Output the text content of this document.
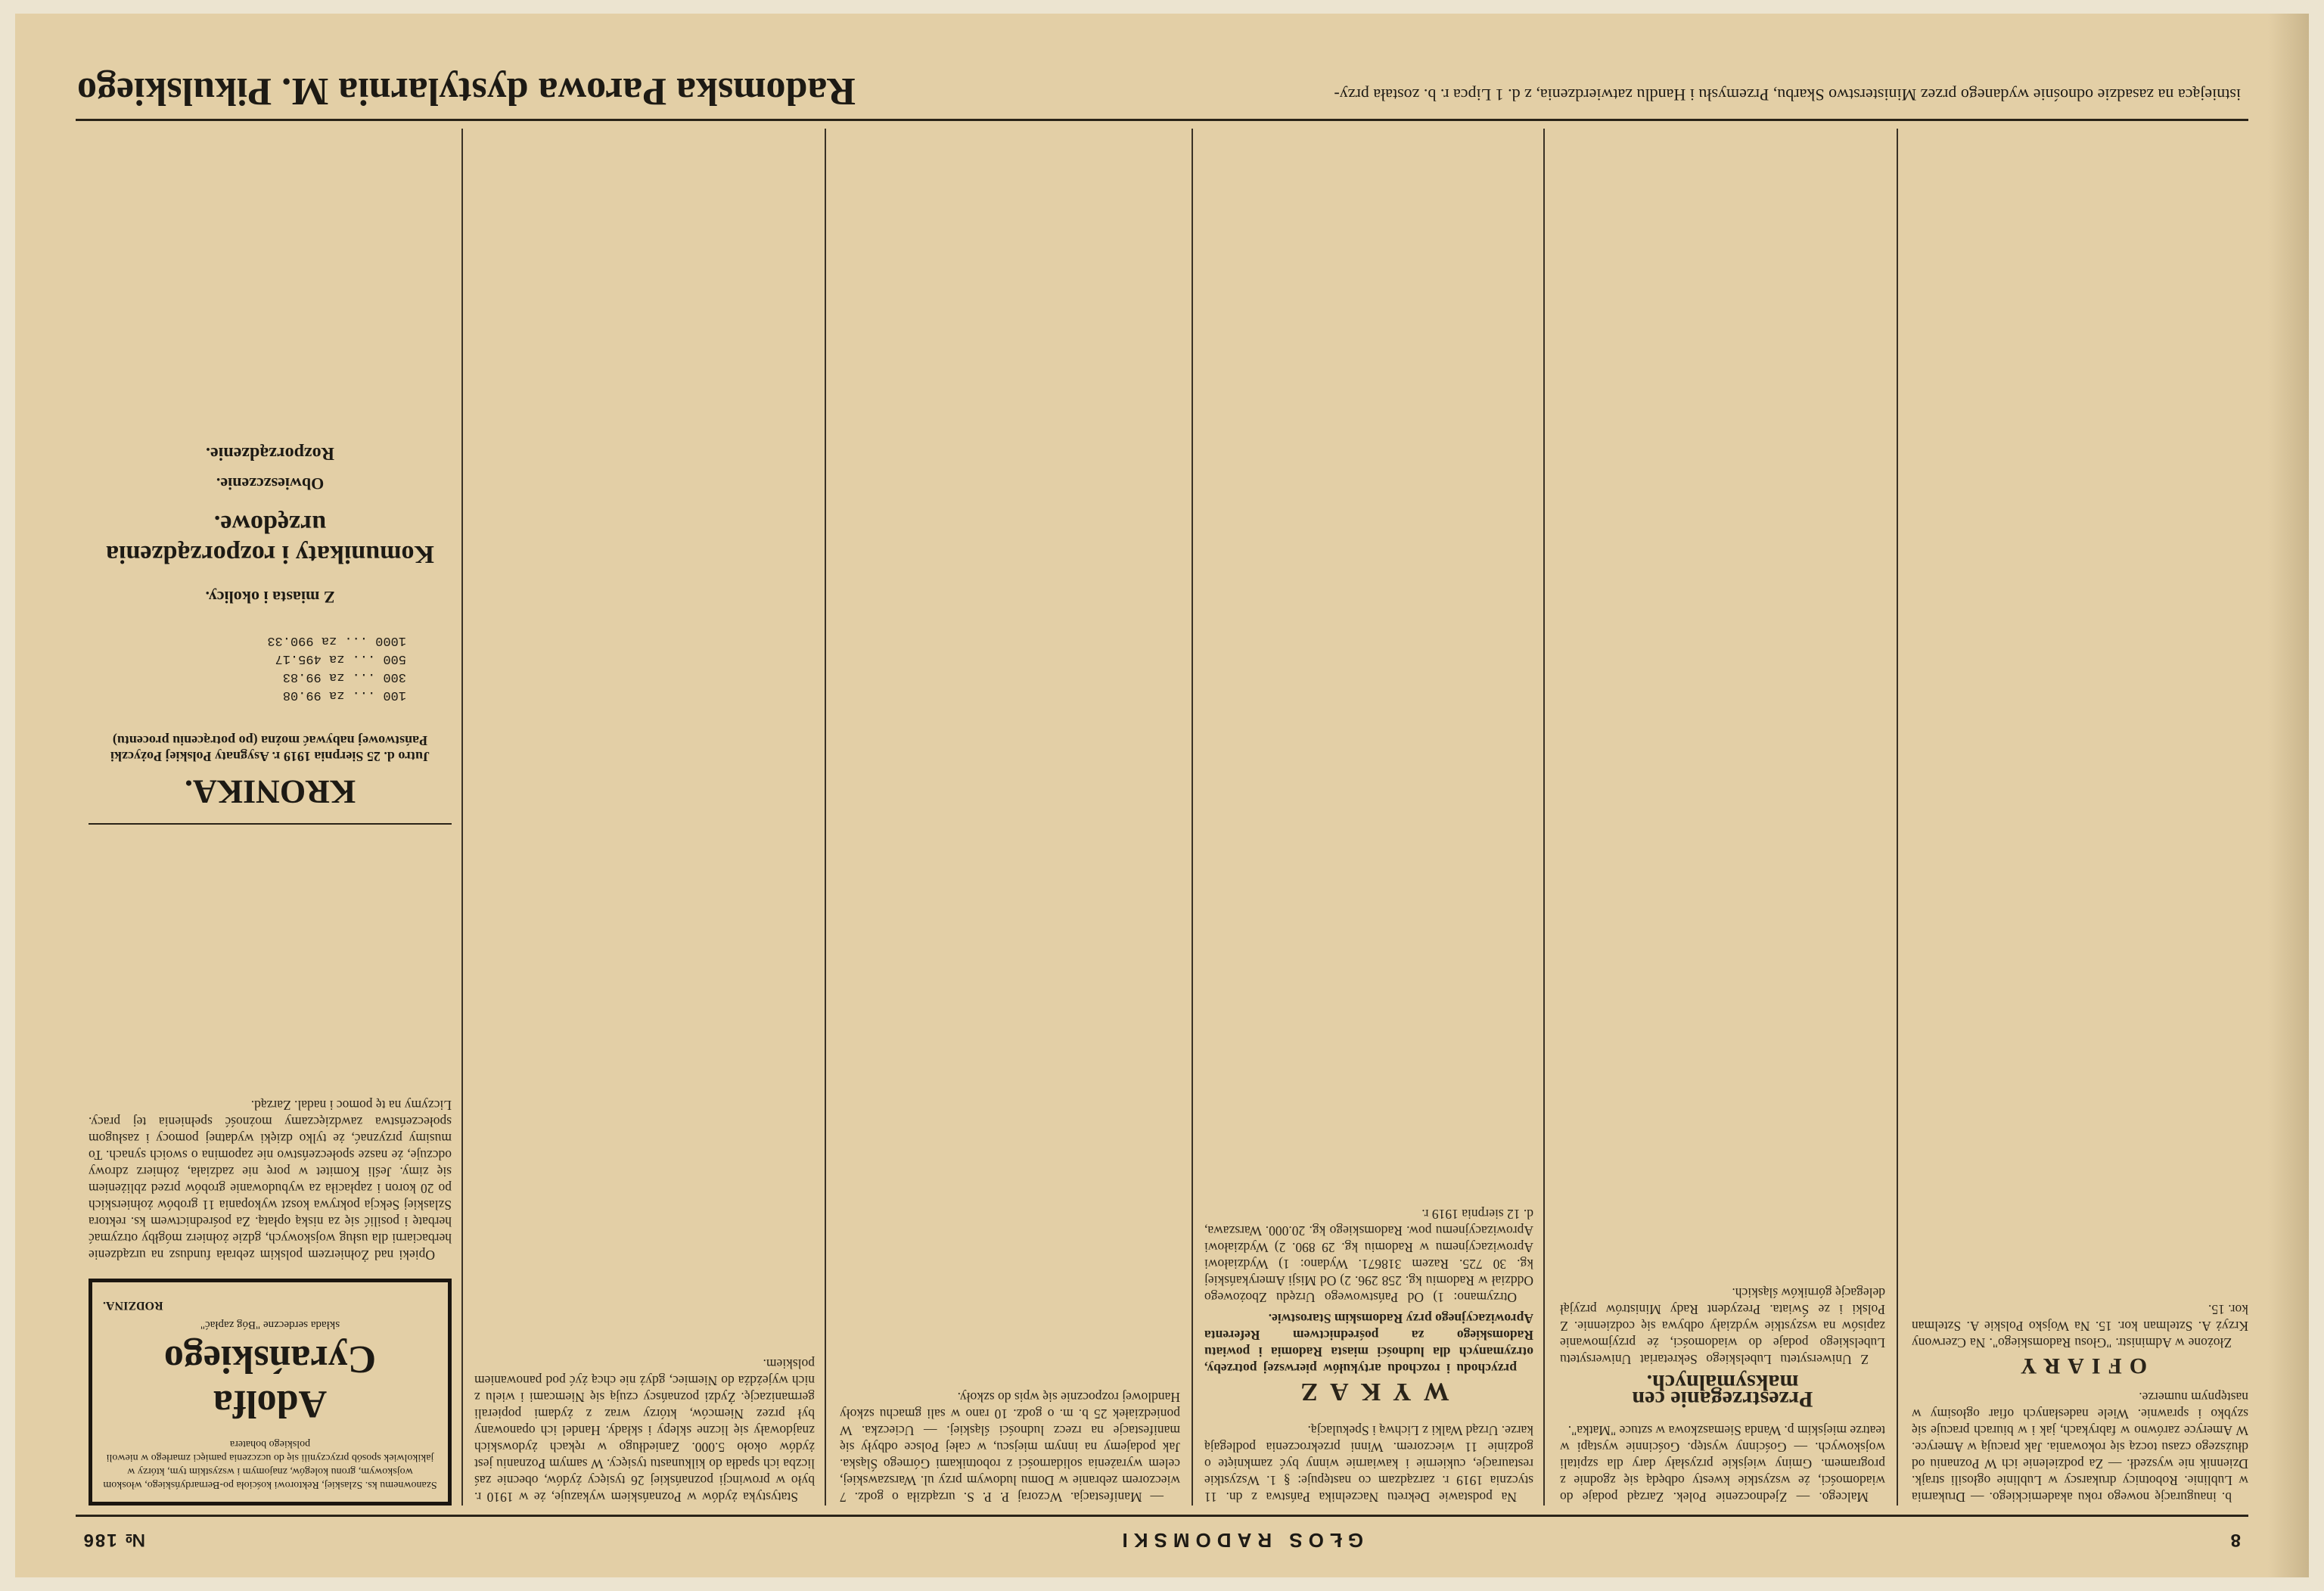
8
GŁOS RADOMSKI
№ 186

b. inaugurację nowego roku akademickiego. — Drukarnia w Lublinie. Robotnicy drukarscy w Lublinie ogłosili strajk. Dziennik nie wyszedł. — Za podzielenie ich W Poznaniu od dłuższego czasu toczą się rokowania. Jak pracują w Ameryce. W Ameryce zarówno w fabrykach, jak i w biurach pracuje się szybko i sprawnie. Wiele nadesłanych ofiar ogłosimy w następnym numerze.

OFIARY

Złożone w Administr. "Głosu Radomskiego". Na Czerwony Krzyż A. Sztelman kor. 15. Na Wojsko Polskie A. Sztelman kor. 15.

Malcego. — Zjednoczenie Polek. Zarząd podaje do wiadomości, że wszystkie kwesty odbędą się zgodnie z programem. Gminy wiejskie przysłały dary dla szpitali wojskowych. — Gościnny występ. Gościnnie wystąpi w teatrze miejskim p. Wanda Siemaszkowa w sztuce "Matka".

Przestrzeganie cen maksymalnych.

Z Uniwersytetu Lubelskiego Sekretariat Uniwersytetu Lubelskiego podaje do wiadomości, że przyjmowanie zapisów na wszystkie wydziały odbywa się codziennie. Z Polski i ze Świata. Prezydent Rady Ministrów przyjął delegację górników śląskich.

Na podstawie Dekretu Naczelnika Państwa z dn. 11 stycznia 1919 r. zarządzam co następuje: § 1. Wszystkie restauracje, cukiernie i kawiarnie winny być zamknięte o godzinie 11 wieczorem. Winni przekroczenia podlegają karze. Urząd Walki z Lichwą i Spekulacją.

WYKAZ

przychodu i rozchodu artykułów pierwszej potrzeby, otrzymanych dla ludności miasta Radomia i powiatu Radomskiego za pośrednictwem Referenta Aprowizacyjnego przy Radomskim Starostwie.

Otrzymano: 1) Od Państwowego Urzędu Zbożowego Oddział w Radomiu kg. 258 296. 2) Od Misji Amerykańskiej kg. 30 725. Razem 318671. Wydano: 1) Wydziałowi Aprowizacyjnemu w Radomiu kg. 29 890. 2) Wydziałowi Aprowizacyjnemu pow. Radomskiego kg. 20.000. Warszawa, d. 12 sierpnia 1919 r.

— Manifestacja. Wczoraj P. P. S. urządziła o godz. 7 wieczorem zebranie w Domu ludowym przy ul. Warszawskiej, celem wyrażenia solidarności z robotnikami Górnego Śląska. Jak podajemy na innym miejscu, w całej Polsce odbyły się manifestacje na rzecz ludności śląskiej. — Ucieczka. W poniedziałek 25 b. m. o godz. 10 rano w sali gmachu szkoły Handlowej rozpocznie się wpis do szkoły.

Statystyka żydów w Poznańskiem wykazuje, że w 1910 r. było w prowincji poznańskiej 26 tysięcy żydów, obecnie zaś liczba ich spadła do kilkunastu tysięcy. W samym Poznaniu jest żydów około 5.000. Zaniedługo w rękach żydowskich znajdowały się liczne sklepy i składy. Handel ich opanowany był przez Niemców, którzy wraz z żydami popierali germanizację. Żydzi poznańscy czują się Niemcami i wielu z nich wyjeżdża do Niemiec, gdyż nie chcą żyć pod panowaniem polskiem.

Szanownemu ks. Szlaskiej, Rektorowi kościoła po-Bernardyńskiego, włoskom wojskowym, gronu kolegów, znajomym i wszystkim tym, którzy w jakikolwiek sposób przyczynili się do uczczenia pamięci zmarłego w niewoli polskiego bohatera
Adolfa Cyrańskiego
składa serdeczne "Bóg zapłać"
RODZINA.

Opieki nad Żołnierzem polskim zebrała fundusz na urządzenie herbaciarni dla usług wojskowych, gdzie żołnierz mógłby otrzymać herbatę i posilić się za niską opłatą. Za pośrednictwem ks. rektora Szlaskiej Sekcja pokrywa koszt wykopania 11 grobów żołnierskich po 20 koron i zapłaciła za wybudowanie grobów przed zbliżeniem się zimy. Jeśli Komitet w porę nie zadziała, żołnierz zdrowy odczuje, że nasze społeczeństwo nie zapomina o swoich synach. To musimy przyznać, że tylko dzięki wydatnej pomocy i zasługom społeczeństwa zawdzięczamy możność spełnienia tej pracy. Liczymy na tę pomoc i nadal. Zarząd.

KRONIKA.
Jutro d. 25 Sierpnia 1919 r. Asygnaty Polskiej Pożyczki Państwowej nabywać można (po potrąceniu procentu)
100 ... za 99.08
300 ... za 99.83
500 ... za 495.17
1000 ... za 990.33
Z miasta i okolicy.
Komunikaty i rozporządzenia urzędowe.
Obwieszczenie.
Rozporządzenie.
istniejąca na zasadzie odnośnie wydanego przez Ministerstwo Skarbu, Przemysłu i Handlu zatwierdzenia, z d. 1 Lipca r. b. została przy-
Radomska Parowa dystylarnia M. Pikulskiego
